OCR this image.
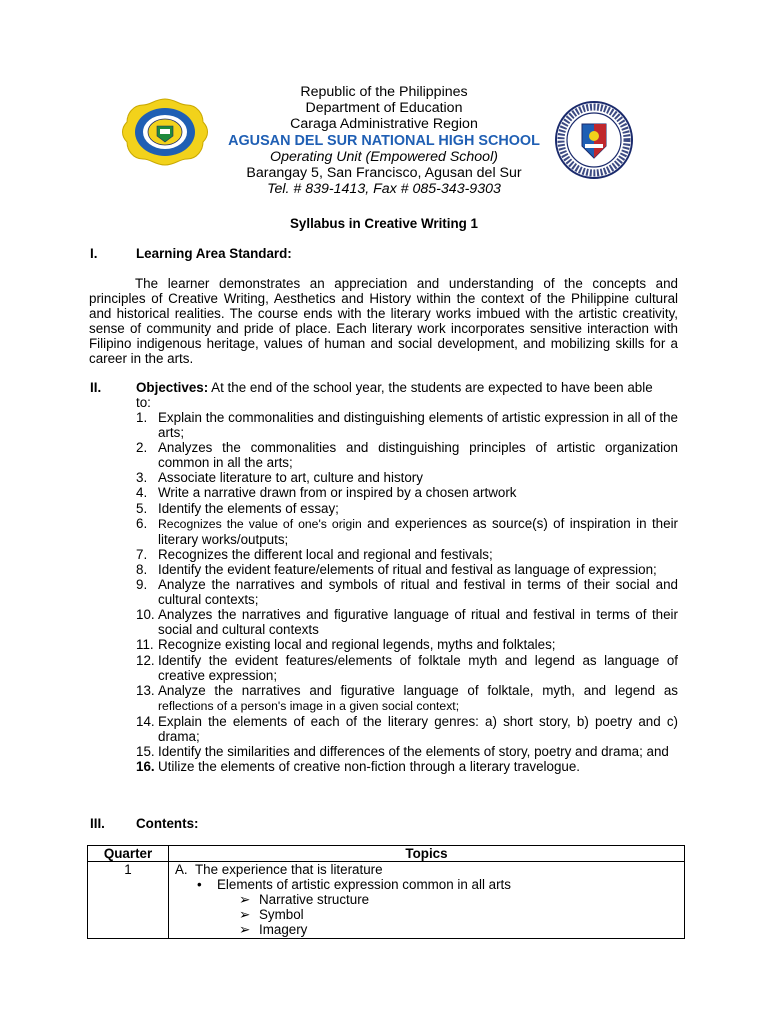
Republic of the Philippines
Department of Education
Caraga Administrative Region
AGUSAN DEL SUR NATIONAL HIGH SCHOOL
Operating Unit (Empowered School)
Barangay 5, San Francisco, Agusan del Sur
Tel. # 839-1413, Fax # 085-343-9303
Syllabus in Creative Writing 1
I.	Learning Area Standard:
The learner demonstrates an appreciation and understanding of the concepts and principles of Creative Writing, Aesthetics and History within the context of the Philippine cultural and historical realities. The course ends with the literary works imbued with the artistic creativity, sense of community and pride of place. Each literary work incorporates sensitive interaction with Filipino indigenous heritage, values of human and social development, and mobilizing skills for a career in the arts.
II.	Objectives: At the end of the school year, the students are expected to have been able
to:
1. Explain the commonalities and distinguishing elements of artistic expression in all of the arts;
2. Analyzes the commonalities and distinguishing principles of artistic organization common in all the arts;
3. Associate literature to art, culture and history
4. Write a narrative drawn from or inspired by a chosen artwork
5. Identify the elements of essay;
6. Recognizes the value of one's origin and experiences as source(s) of inspiration in their literary works/outputs;
7. Recognizes the different local and regional and festivals;
8. Identify the evident feature/elements of ritual and festival as language of expression;
9. Analyze the narratives and symbols of ritual and festival in terms of their social and cultural contexts;
10. Analyzes the narratives and figurative language of ritual and festival in terms of their social and cultural contexts
11. Recognize existing local and regional legends, myths and folktales;
12. Identify the evident features/elements of folktale myth and legend as language of creative expression;
13. Analyze the narratives and figurative language of folktale, myth, and legend as reflections of a person's image in a given social context;
14. Explain the elements of each of the literary genres: a) short story, b) poetry and c) drama;
15. Identify the similarities and differences of the elements of story, poetry and drama; and
16. Utilize the elements of creative non-fiction through a literary travelogue.
III. Contents:
Quarter	Topics
1	A. The experience that is literature
• Elements of artistic expression common in all arts
➢ Narrative structure
➢ Symbol
➢ Imagery
